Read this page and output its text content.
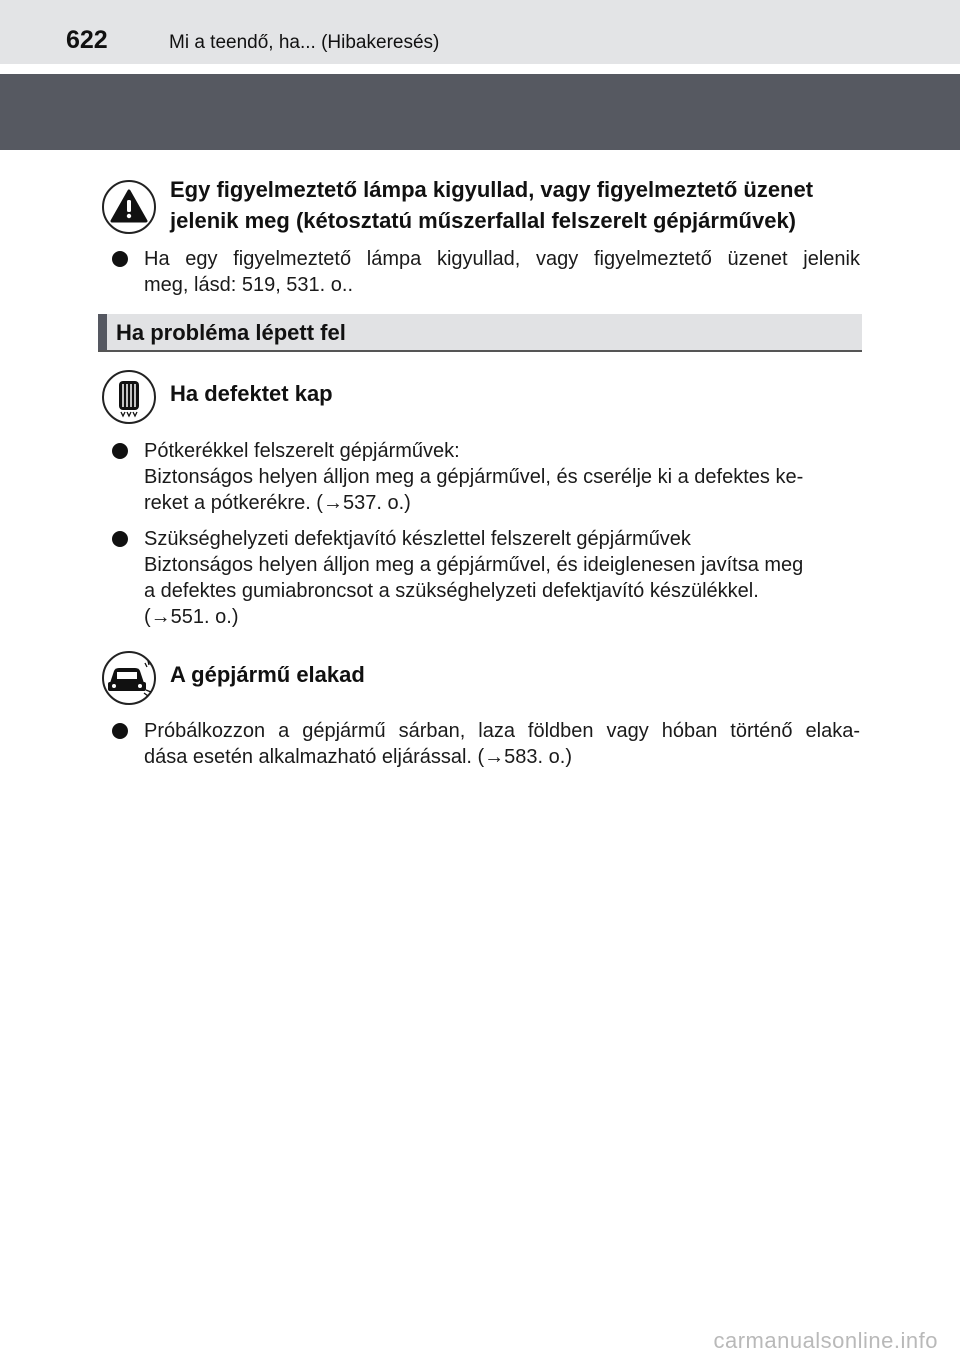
622	Mi a teendő, ha... (Hibakeresés)
Egy figyelmeztető lámpa kigyullad, vagy figyelmeztető üzenet
jelenik meg (kétosztatú műszerfallal felszerelt gépjárművek)
Ha egy figyelmeztető lámpa kigyullad, vagy figyelmeztető üzenet jelenik
meg, lásd: 519, 531. o..
Ha probléma lépett fel
Ha defektet kap
Pótkerékkel felszerelt gépjárművek:
Biztonságos helyen álljon meg a gépjárművel, és cserélje ki a defektes ke-
reket a pótkerékre. (→537. o.)
Szükséghelyzeti defektjavító készlettel felszerelt gépjárművek
Biztonságos helyen álljon meg a gépjárművel, és ideiglenesen javítsa meg
a defektes gumiabroncsot a szükséghelyzeti defektjavító készülékkel.
(→551. o.)
A gépjármű elakad
Próbálkozzon a gépjármű sárban, laza földben vagy hóban történő elaka-
dása esetén alkalmazható eljárással. (→583. o.)
carmanualsonline.info
